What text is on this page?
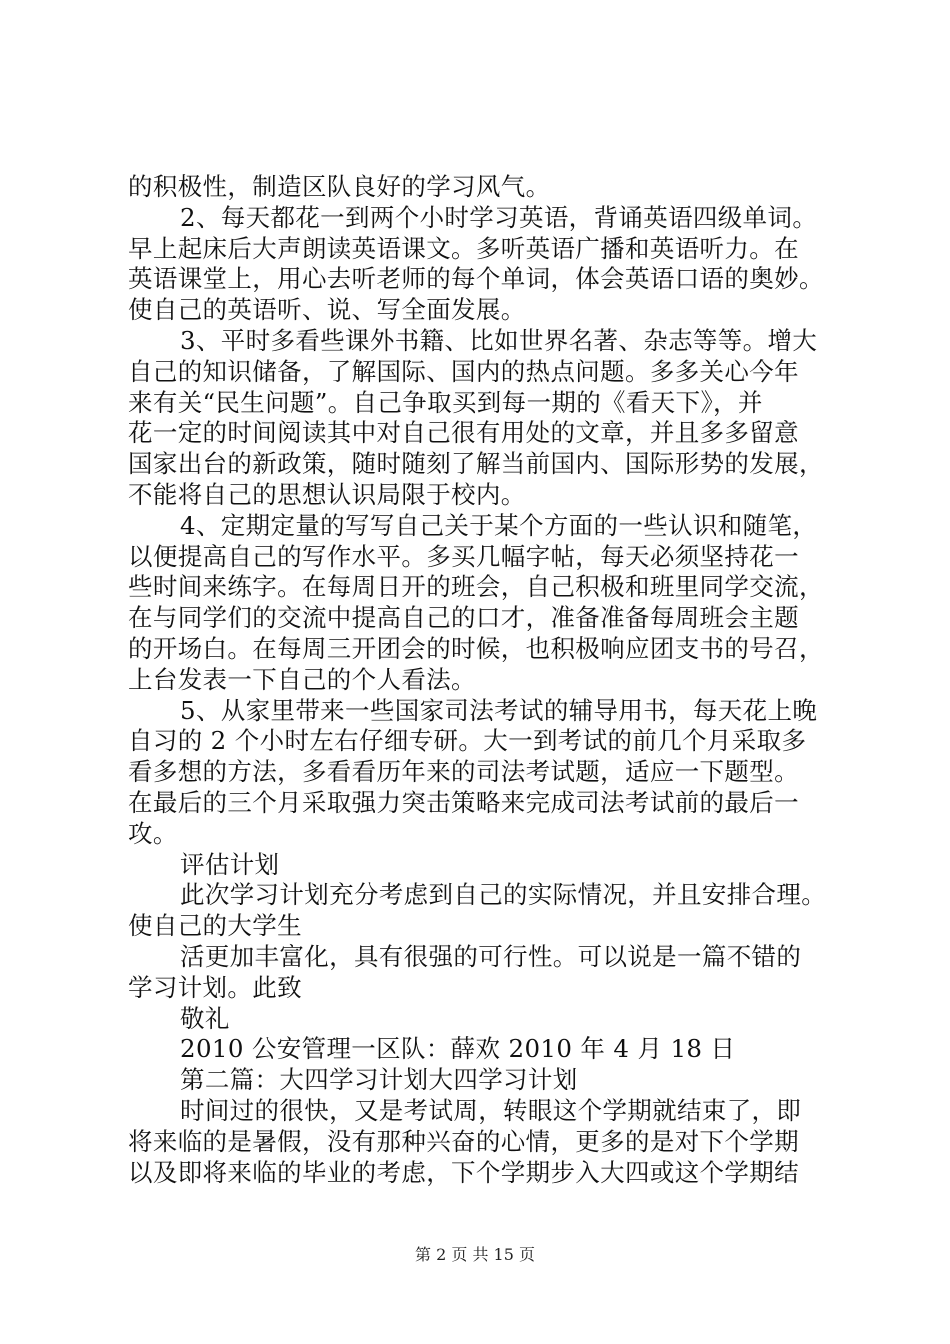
的积极性，制造区队良好的学习风气。
2、每天都花一到两个小时学习英语，背诵英语四级单词。
早上起床后大声朗读英语课文。多听英语广播和英语听力。在
英语课堂上，用心去听老师的每个单词，体会英语口语的奥妙。
使自己的英语听、说、写全面发展。
3、平时多看些课外书籍、比如世界名著、杂志等等。增大
自己的知识储备，了解国际、国内的热点问题。多多关心今年
来有关“民生问题”。自己争取买到每一期的《看天下》，并
花一定的时间阅读其中对自己很有用处的文章，并且多多留意
国家出台的新政策，随时随刻了解当前国内、国际形势的发展，
不能将自己的思想认识局限于校内。
4、定期定量的写写自己关于某个方面的一些认识和随笔，
以便提高自己的写作水平。多买几幅字帖，每天必须坚持花一
些时间来练字。在每周日开的班会，自己积极和班里同学交流，
在与同学们的交流中提高自己的口才，准备准备每周班会主题
的开场白。在每周三开团会的时候，也积极响应团支书的号召，
上台发表一下自己的个人看法。
5、从家里带来一些国家司法考试的辅导用书，每天花上晚
自习的 2 个小时左右仔细专研。大一到考试的前几个月采取多
看多想的方法，多看看历年来的司法考试题，适应一下题型。
在最后的三个月采取强力突击策略来完成司法考试前的最后一
攻。
评估计划
此次学习计划充分考虑到自己的实际情况，并且安排合理。
使自己的大学生
活更加丰富化，具有很强的可行性。可以说是一篇不错的
学习计划。此致
敬礼
2010 公安管理一区队：薛欢 2010 年 4 月 18 日
第二篇：大四学习计划大四学习计划
时间过的很快，又是考试周，转眼这个学期就结束了，即
将来临的是暑假，没有那种兴奋的心情，更多的是对下个学期
以及即将来临的毕业的考虑，下个学期步入大四或这个学期结
第 2 页 共 15 页
